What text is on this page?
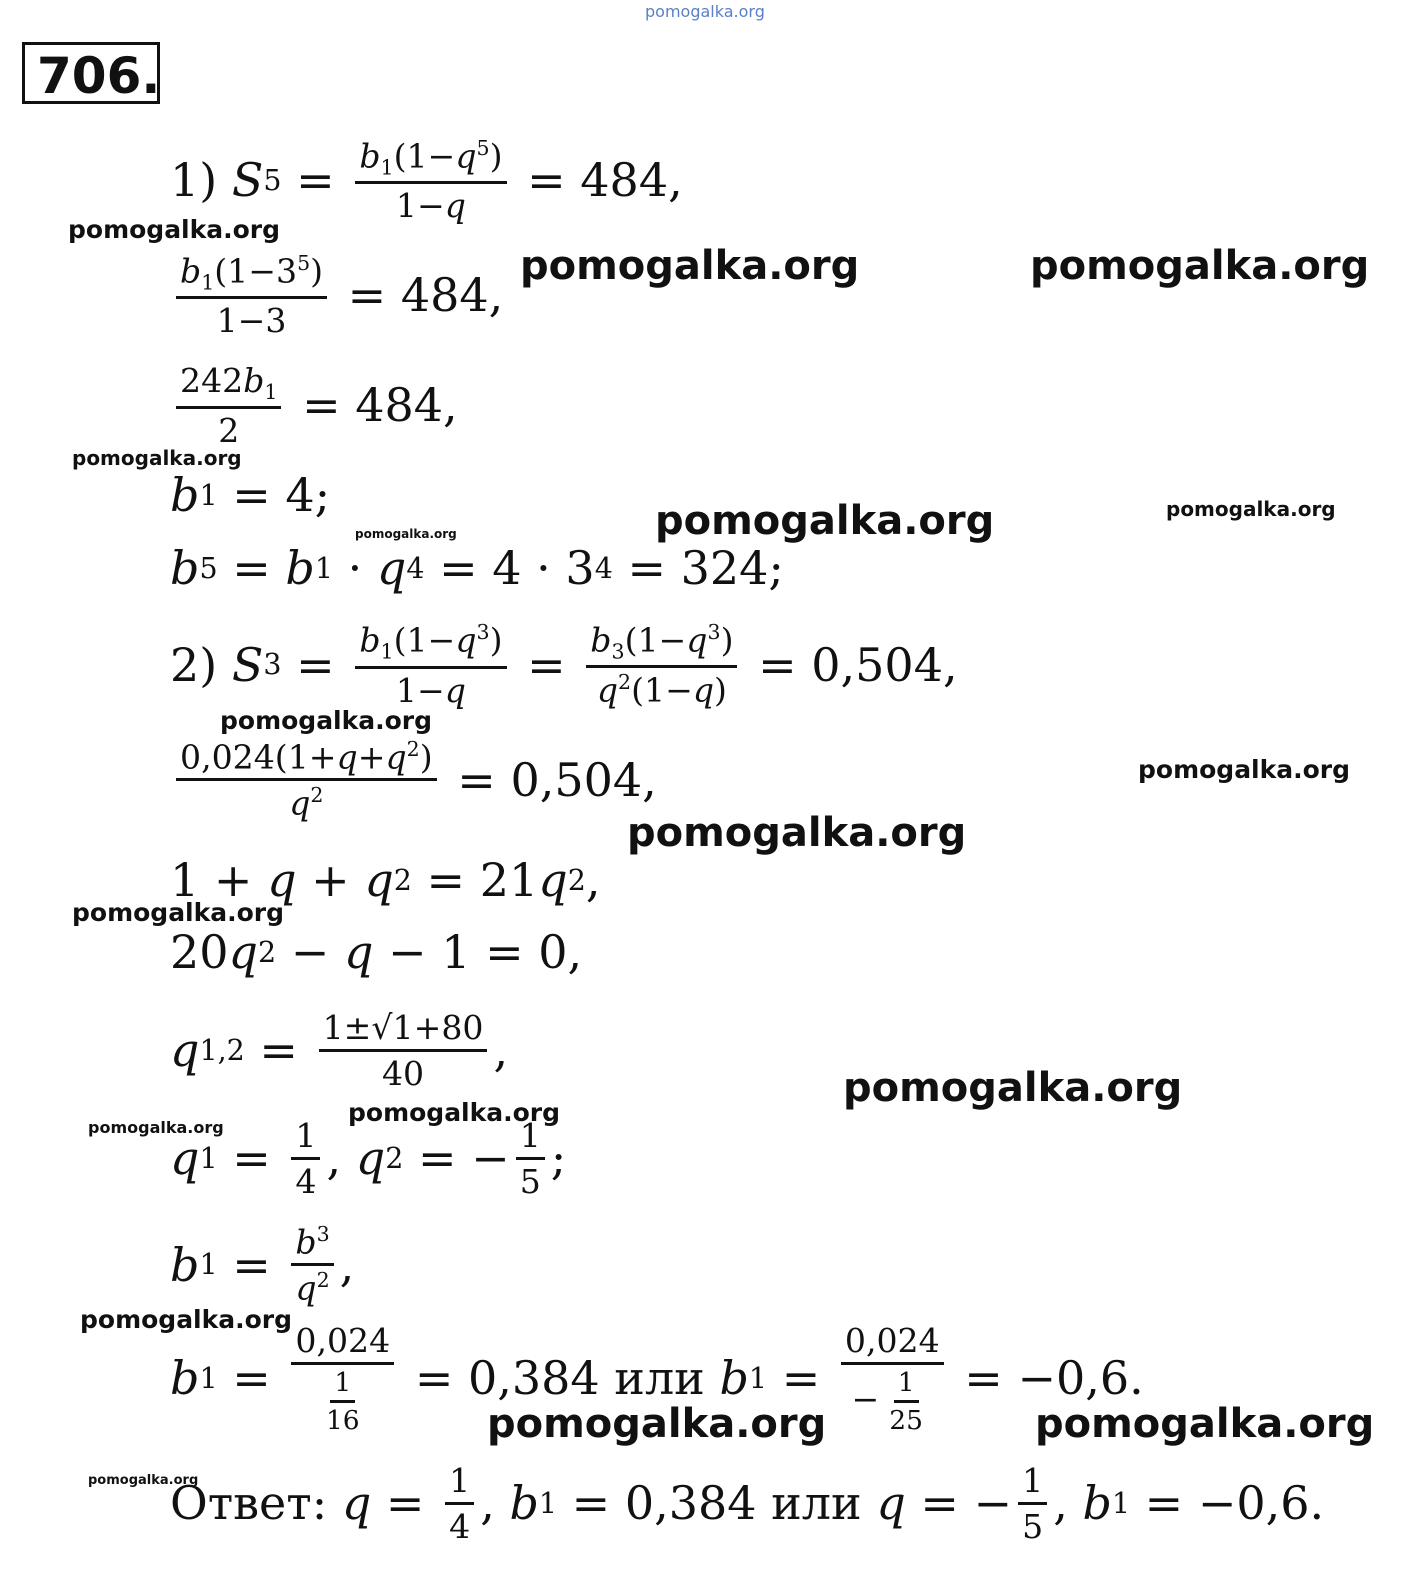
706.
1) S $5 = \frac{b_1(1-q^5)}{1-q} = 484$,
$\frac{b_1(1-3^5)}{1-3} = 484$,
$\frac{242b_1}{2} = 484$,
b 1 = 4;
b 5 = b 1 · q 4 = 4 · 3 4 = 324;
2) S $3 = \frac{b_1(1-q^3)}{1-q} = \frac{b_3(1-q^3)}{q^2(1-q)} = 0,504$,
$\frac{0,024(1+q+q^2)}{q^2} = 0,504$,
1 + q + q 2 = 21 q 2 ,
20 q 2 − q − 1 = 0,
q $1,2 = \frac{1\pm√1+80}{40}$ ,
q $1 = \frac{1}{4}$ , q 2 = − $\frac{1}{5}$ ;
b $1 = \frac{b^3}{q^2}$ ,
b $1 = \frac{0,024}{\frac{1}{16}} = 0,384$ или b $1 = \frac{0,024}{- \frac{1}{25}} = -0,6$.
Ответ: $q = \frac{1}{4}$ , b 1 = 0,384 или q = − $\frac{1}{5}$ , b 1 = −0,6.
pomogalka.org
pomogalka.org
pomogalka.org	pomogalka.org
pomogalka.org
pomogalka.org	pomogalka.org
pomogalka.org
pomogalka.org
pomogalka.org
pomogalka.org
pomogalka.org
pomogalka.org
pomogalka.org
pomogalka.org
pomogalka.org
pomogalka.org	pomogalka.org
pomogalka.org
